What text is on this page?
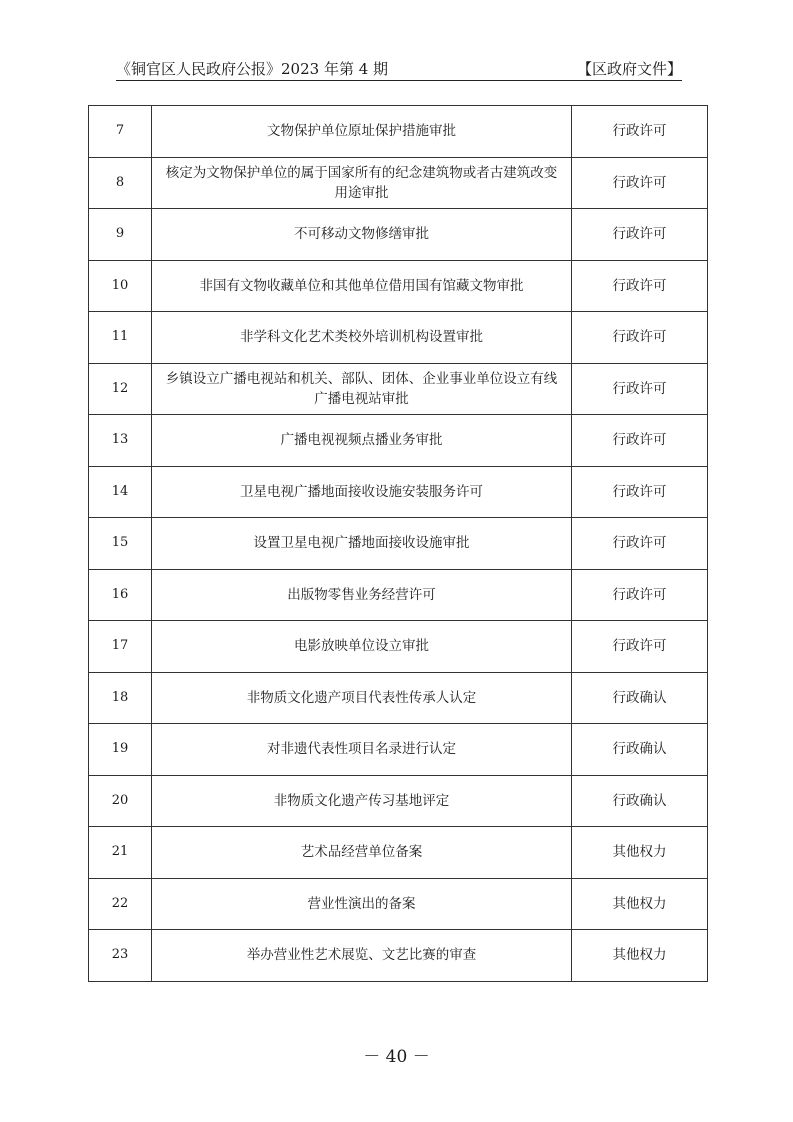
《铜官区人民政府公报》2023 年第 4 期	【区政府文件】
7	文物保护单位原址保护措施审批	行政许可
8	核定为文物保护单位的属于国家所有的纪念建筑物或者古建筑改变用途审批	行政许可
9	不可移动文物修缮审批	行政许可
10	非国有文物收藏单位和其他单位借用国有馆藏文物审批	行政许可
11	非学科文化艺术类校外培训机构设置审批	行政许可
12	乡镇设立广播电视站和机关、部队、团体、企业事业单位设立有线广播电视站审批	行政许可
13	广播电视视频点播业务审批	行政许可
14	卫星电视广播地面接收设施安装服务许可	行政许可
15	设置卫星电视广播地面接收设施审批	行政许可
16	出版物零售业务经营许可	行政许可
17	电影放映单位设立审批	行政许可
18	非物质文化遗产项目代表性传承人认定	行政确认
19	对非遗代表性项目名录进行认定	行政确认
20	非物质文化遗产传习基地评定	行政确认
21	艺术品经营单位备案	其他权力
22	营业性演出的备案	其他权力
23	举办营业性艺术展览、文艺比赛的审查	其他权力
－ 40 －
